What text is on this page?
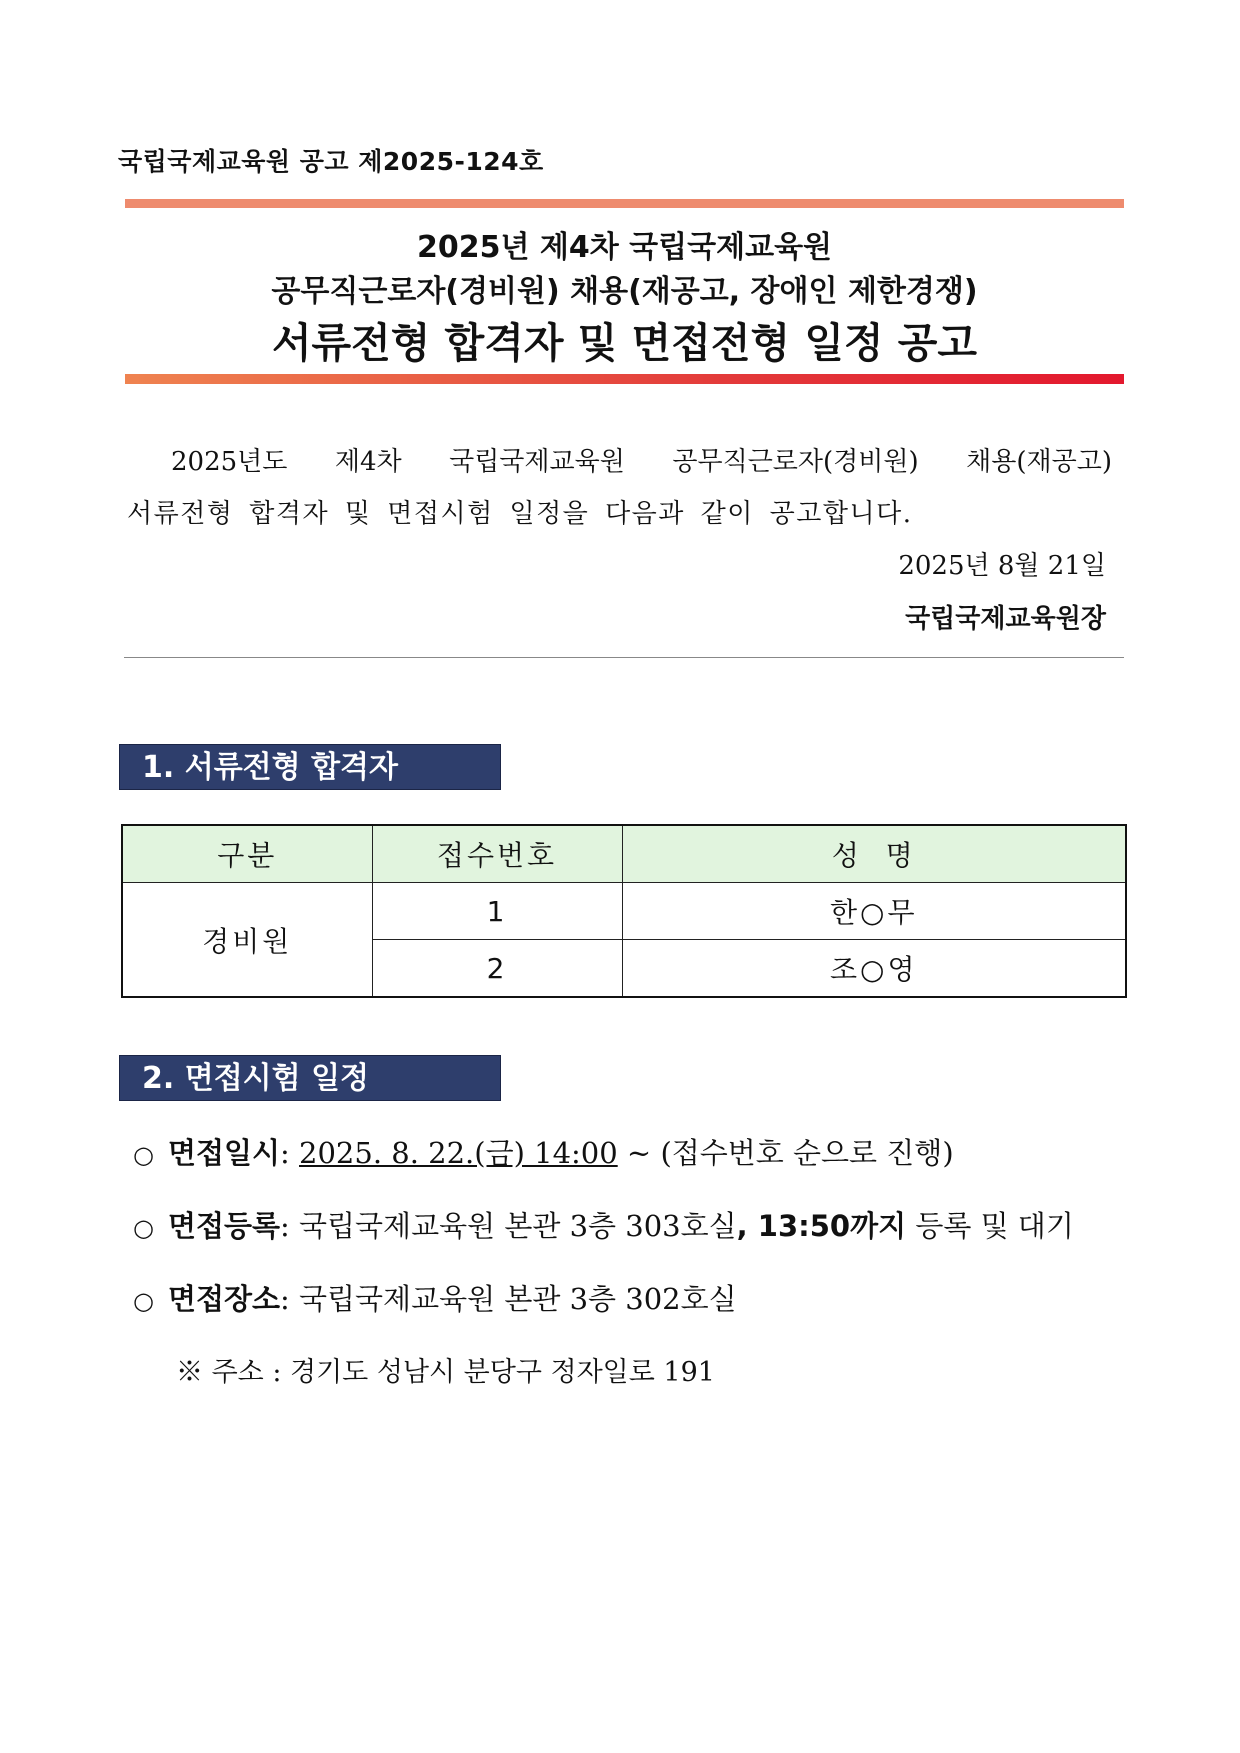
국립국제교육원 공고 제2025-124호
2025년 제4차 국립국제교육원
공무직근로자(경비원) 채용(재공고, 장애인 제한경쟁)
서류전형 합격자 및 면접전형 일정 공고

2025년도 제4차 국립국제교육원 공무직근로자(경비원) 채용(재공고)

서류전형 합격자 및 면접시험 일정을 다음과 같이 공고합니다.

2025년 8월 21일
국립국제교육원장
1. 서류전형 합격자
구분	접수번호	성  명
경비원	1	한○무
	2	조○영
2. 면접시험 일정
○ 면접일시: 2025. 8. 22.(금) 14:00 ~ (접수번호 순으로 진행)
○ 면접등록: 국립국제교육원 본관 3층 303호실, 13:50까지 등록 및 대기
○ 면접장소: 국립국제교육원 본관 3층 302호실
※ 주소 : 경기도 성남시 분당구 정자일로 191
